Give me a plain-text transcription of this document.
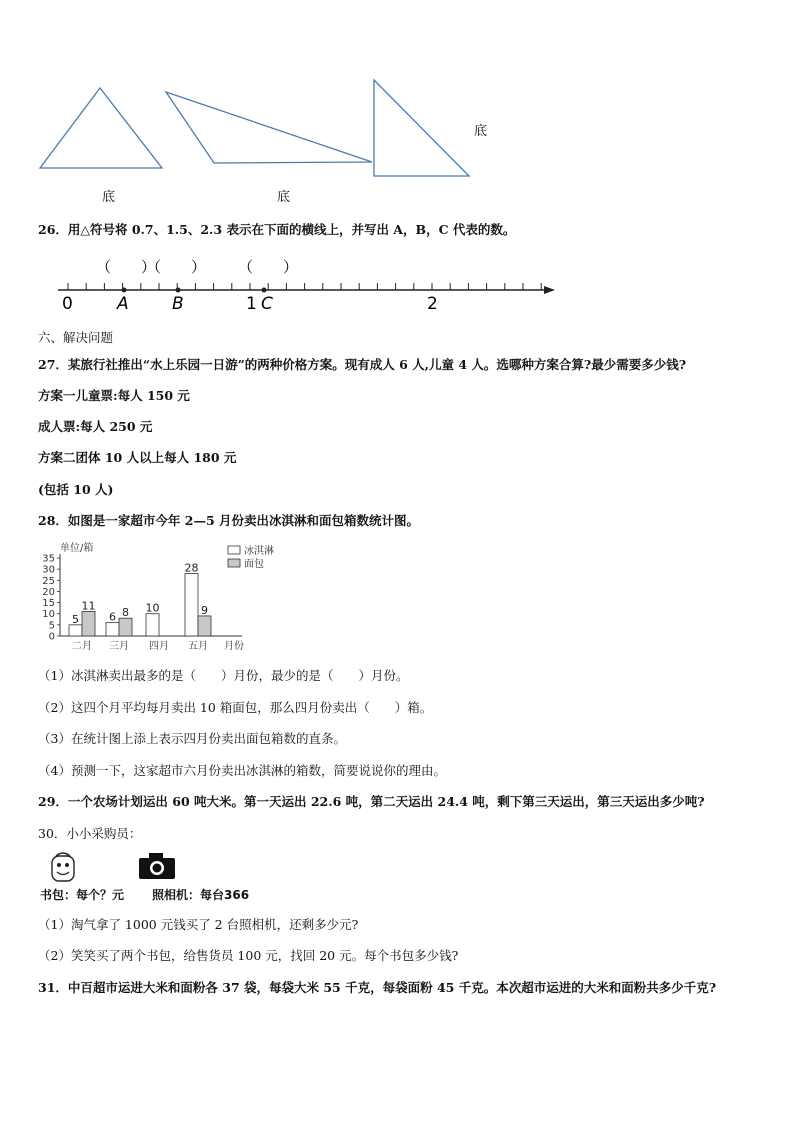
底	底
底
26．用△符号将 0.7、1.5、2.3 表示在下面的横线上，并写出 A，B，C 代表的数。
（　　）
（　　） （　　）
0	1	2
A	B	C
六、解决问题
27．某旅行社推出“水上乐园一日游”的两种价格方案。现有成人 6 人,儿童 4 人。选哪种方案合算?最少需要多少钱?
方案一儿童票:每人 150 元
成人票:每人 250 元
方案二团体 10 人以上每人 180 元
(包括 10 人)
28．如图是一家超市今年 2—5 月份卖出冰淇淋和面包箱数统计图。
单位/箱
月份
冰淇淋
面包
0
5
10
15
20
25
30
35
二月
5
11
三月
6 8
四月
10
五月
28
9
（1）冰淇淋卖出最多的是（　　）月份，最少的是（　　）月份。
（2）这四个月平均每月卖出 10 箱面包，那么四月份卖出（　　）箱。
（3）在统计图上添上表示四月份卖出面包箱数的直条。
（4）预测一下，这家超市六月份卖出冰淇淋的箱数，简要说说你的理由。
29．一个农场计划运出 60 吨大米。第一天运出 22.6 吨，第二天运出 24.4 吨，剩下第三天运出，第三天运出多少吨?
30．小小采购员：
书包：每个？元 照相机：每台366
（1）淘气拿了 1000 元钱买了 2 台照相机，还剩多少元?
（2）笑笑买了两个书包，给售货员 100 元，找回 20 元。每个书包多少钱?
31．中百超市运进大米和面粉各 37 袋，每袋大米 55 千克，每袋面粉 45 千克。本次超市运进的大米和面粉共多少千克?
